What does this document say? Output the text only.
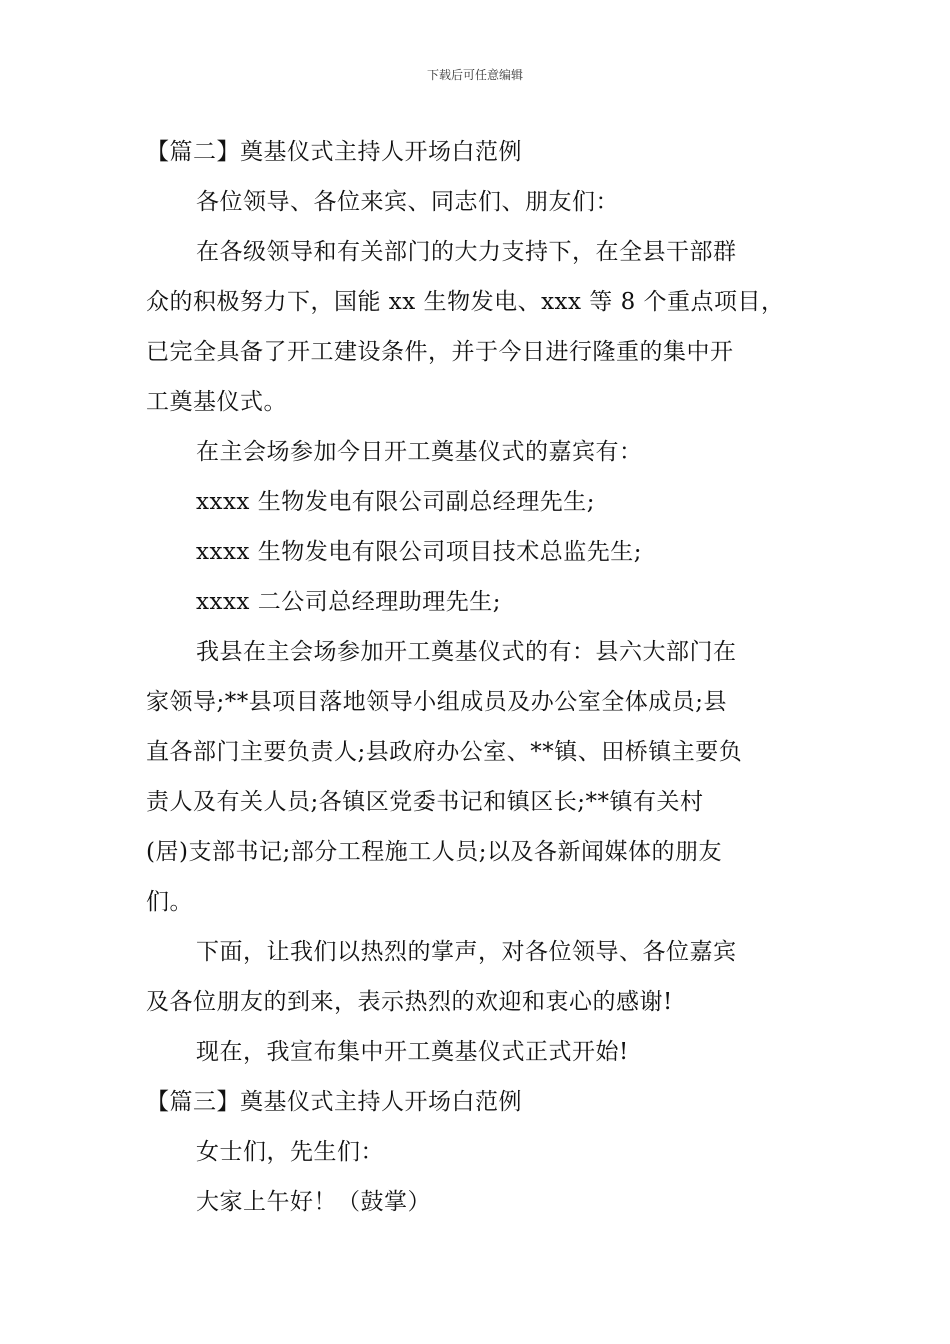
下载后可任意编辑
【篇二】奠基仪式主持人开场白范例
各位领导、各位来宾、同志们、朋友们：
在各级领导和有关部门的大力支持下，在全县干部群
众的积极努力下，国能 xx 生物发电、xxx 等 8 个重点项目，
已完全具备了开工建设条件，并于今日进行隆重的集中开
工奠基仪式。
在主会场参加今日开工奠基仪式的嘉宾有：
xxxx 生物发电有限公司副总经理先生;
xxxx 生物发电有限公司项目技术总监先生;
xxxx 二公司总经理助理先生;
我县在主会场参加开工奠基仪式的有：县六大部门在
家领导;**县项目落地领导小组成员及办公室全体成员;县
直各部门主要负责人;县政府办公室、**镇、田桥镇主要负
责人及有关人员;各镇区党委书记和镇区长;**镇有关村
(居)支部书记;部分工程施工人员;以及各新闻媒体的朋友
们。
下面，让我们以热烈的掌声，对各位领导、各位嘉宾
及各位朋友的到来，表示热烈的欢迎和衷心的感谢!
现在，我宣布集中开工奠基仪式正式开始!
【篇三】奠基仪式主持人开场白范例
女士们，先生们：
大家上午好！（鼓掌）
